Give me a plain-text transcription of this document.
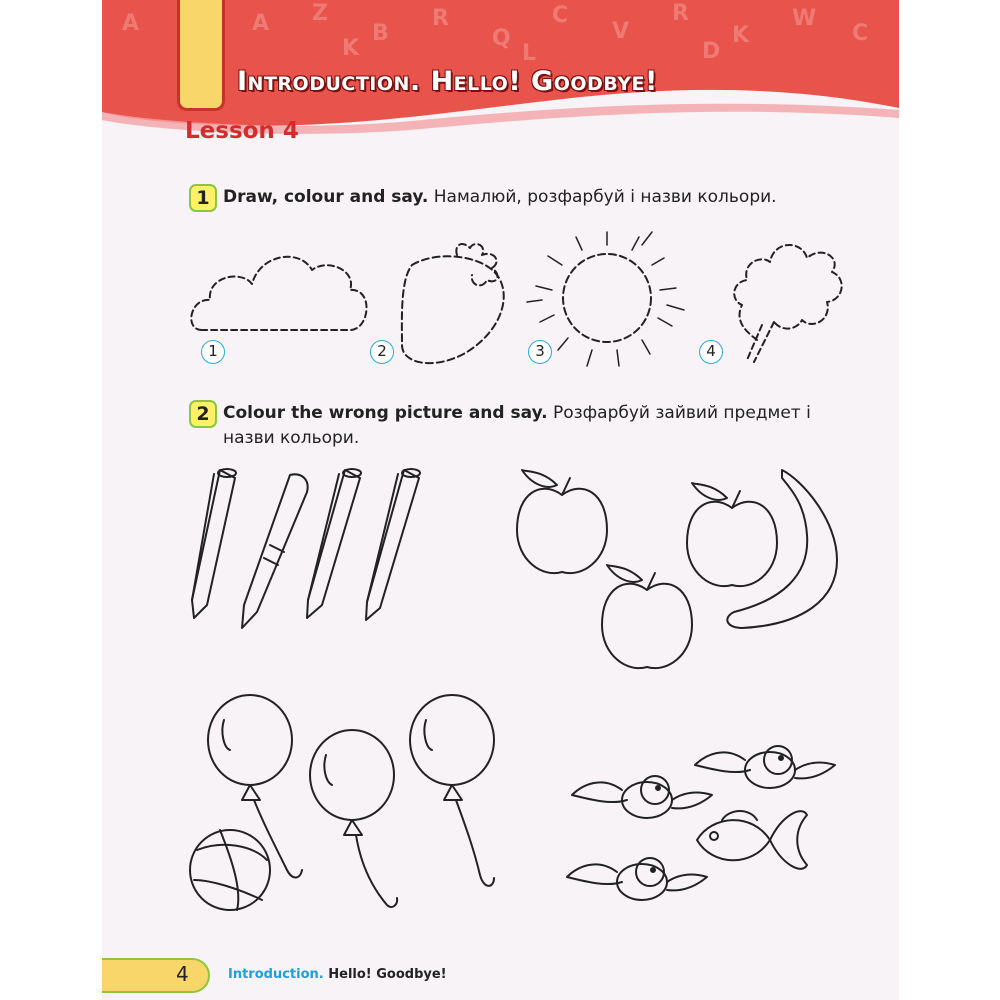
A Z
B
R
Q
C
V
R
K
W
C
A
K	L	D
Introduction. Hello! Goodbye!
Lesson 4
1 Draw, colour and say. Намалюй, розфарбуй і назви кольори.
2 Colour the wrong picture and say. Розфарбуй зайвий предмет і назви кольори.
1	2	3	4
4	Introduction. Hello! Goodbye!
